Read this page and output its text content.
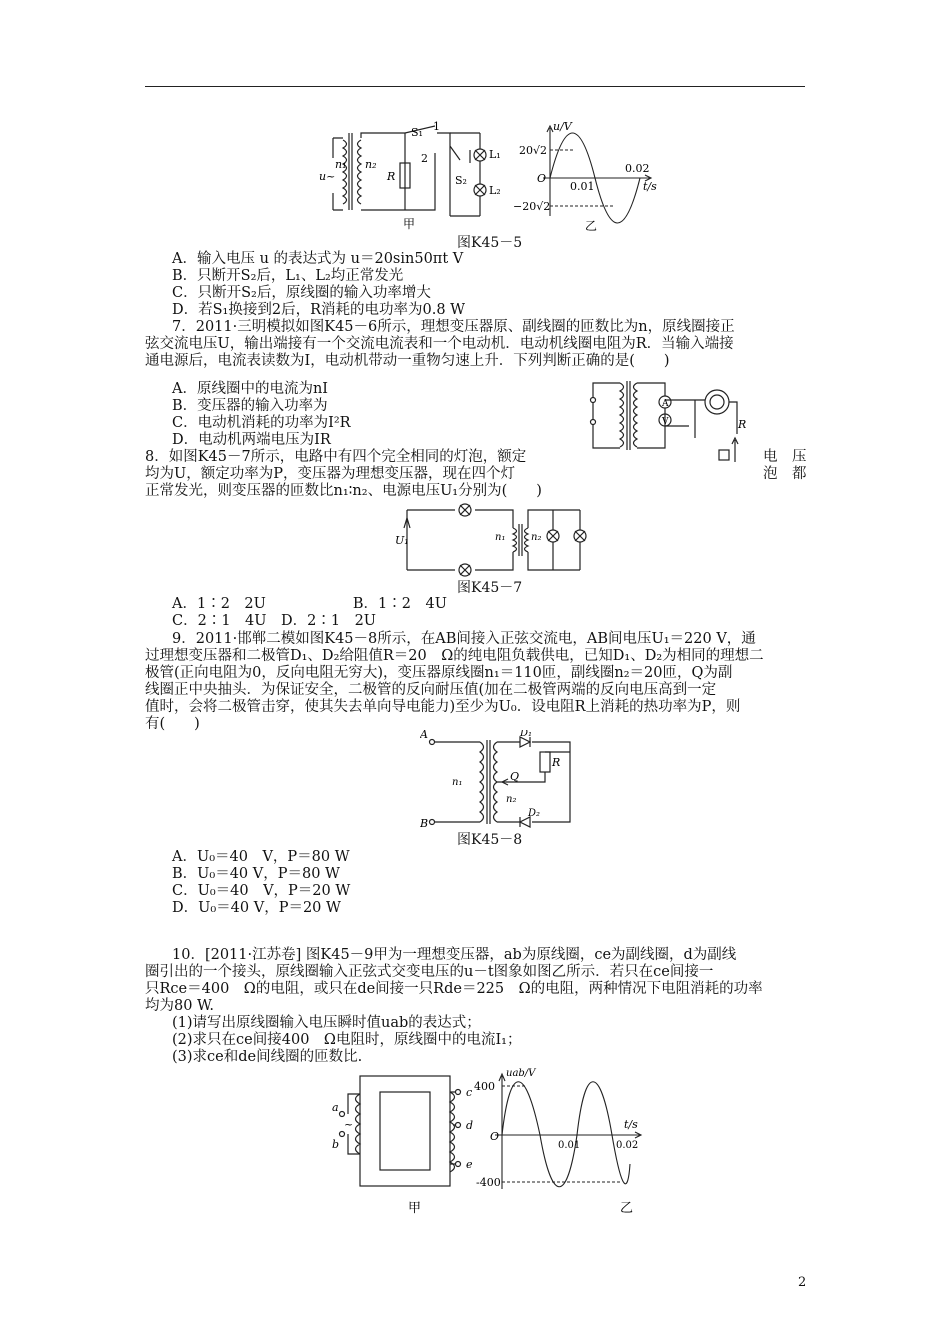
n₁ n₂
u~	R
S₁ 1
2
S₂
L₁
L₂
甲
u/V
t/s
20√2
−20√2
O
0.01
0.02
乙
图K45－5
A．输入电压 u 的表达式为 u＝20sin50πt V
B．只断开S₂后，L₁、L₂均正常发光
C．只断开S₂后，原线圈的输入功率增大
D．若S₁换接到2后，R消耗的电功率为0.8 W
7．2011·三明模拟如图K45－6所示，理想变压器原、副线圈的匝数比为n，原线圈接正
弦交流电压U，输出端接有一个交流电流表和一个电动机．电动机线圈电阻为R．当输入端接
通电源后，电流表读数为I，电动机带动一重物匀速上升．下列判断正确的是(　　)
A．原线圈中的电流为nI
B．变压器的输入功率为
C．电动机消耗的功率为I²R
D．电动机两端电压为IR
A
V	R
8．如图K45－7所示，电路中有四个完全相同的灯泡，额定	电　压
均为U，额定功率为P，变压器为理想变压器，现在四个灯	泡　都
正常发光，则变压器的匝数比n₁∶n₂、电源电压U₁分别为(　　)
U₁	n₁	n₂
图K45－7
A．1∶2　2U　　　　　　B．1∶2　4U
C．2∶1　4U　D．2∶1　2U
9．2011·邯郸二模如图K45－8所示，在AB间接入正弦交流电，AB间电压U₁＝220 V，通
过理想变压器和二极管D₁、D₂给阻值R＝20　Ω的纯电阻负载供电，已知D₁、D₂为相同的理想二
极管(正向电阻为0，反向电阻无穷大)，变压器原线圈n₁＝110匝，副线圈n₂＝20匝，Q为副
线圈正中央抽头．为保证安全，二极管的反向耐压值(加在二极管两端的反向电压高到一定
值时，会将二极管击穿，使其失去单向导电能力)至少为U₀．设电阻R上消耗的热功率为P，则
有(　　)
A
B
n₁
n₂
Q
R
D₁
D₂
图K45－8
A．U₀＝40　V，P＝80 W
B．U₀＝40 V，P＝80 W
C．U₀＝40　V，P＝20 W
D．U₀＝40 V，P＝20 W
10．[2011·江苏卷] 图K45－9甲为一理想变压器，ab为原线圈，ce为副线圈，d为副线
圈引出的一个接头，原线圈输入正弦式交变电压的u－t图象如图乙所示．若只在ce间接一
只Rce＝400　Ω的电阻，或只在de间接一只Rde＝225　Ω的电阻，两种情况下电阻消耗的功率
均为80 W.
(1)请写出原线圈输入电压瞬时值uab的表达式；
(2)求只在ce间接400　Ω电阻时，原线圈中的电流I₁；
(3)求ce和de间线圈的匝数比.
a
b
~
c
d
e
甲
uab/V
t/s
400
-400
O
0.01	0.02
乙
2
